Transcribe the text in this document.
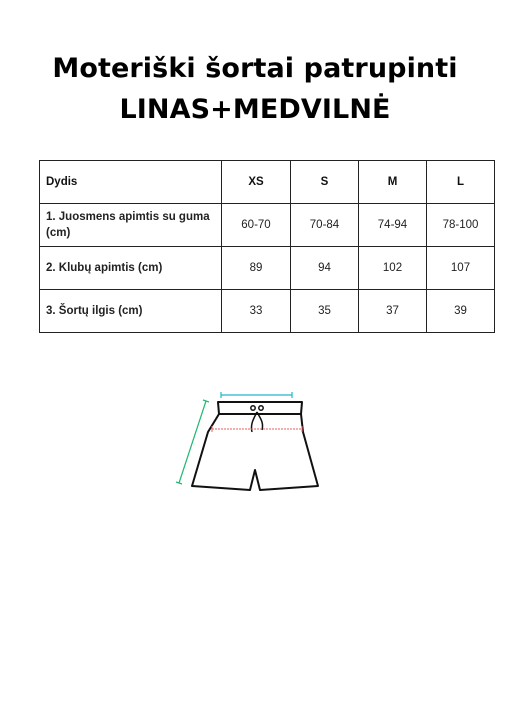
Moteriški šortai patrupinti
LINAS+MEDVILNĖ
Dydis	XS	S	M	L
1. Juosmens apimtis su guma (cm)	60-70	70-84	74-94	78-100
2. Klubų apimtis (cm)	89	94	102	107
3. Šortų ilgis (cm)	33	35	37	39
